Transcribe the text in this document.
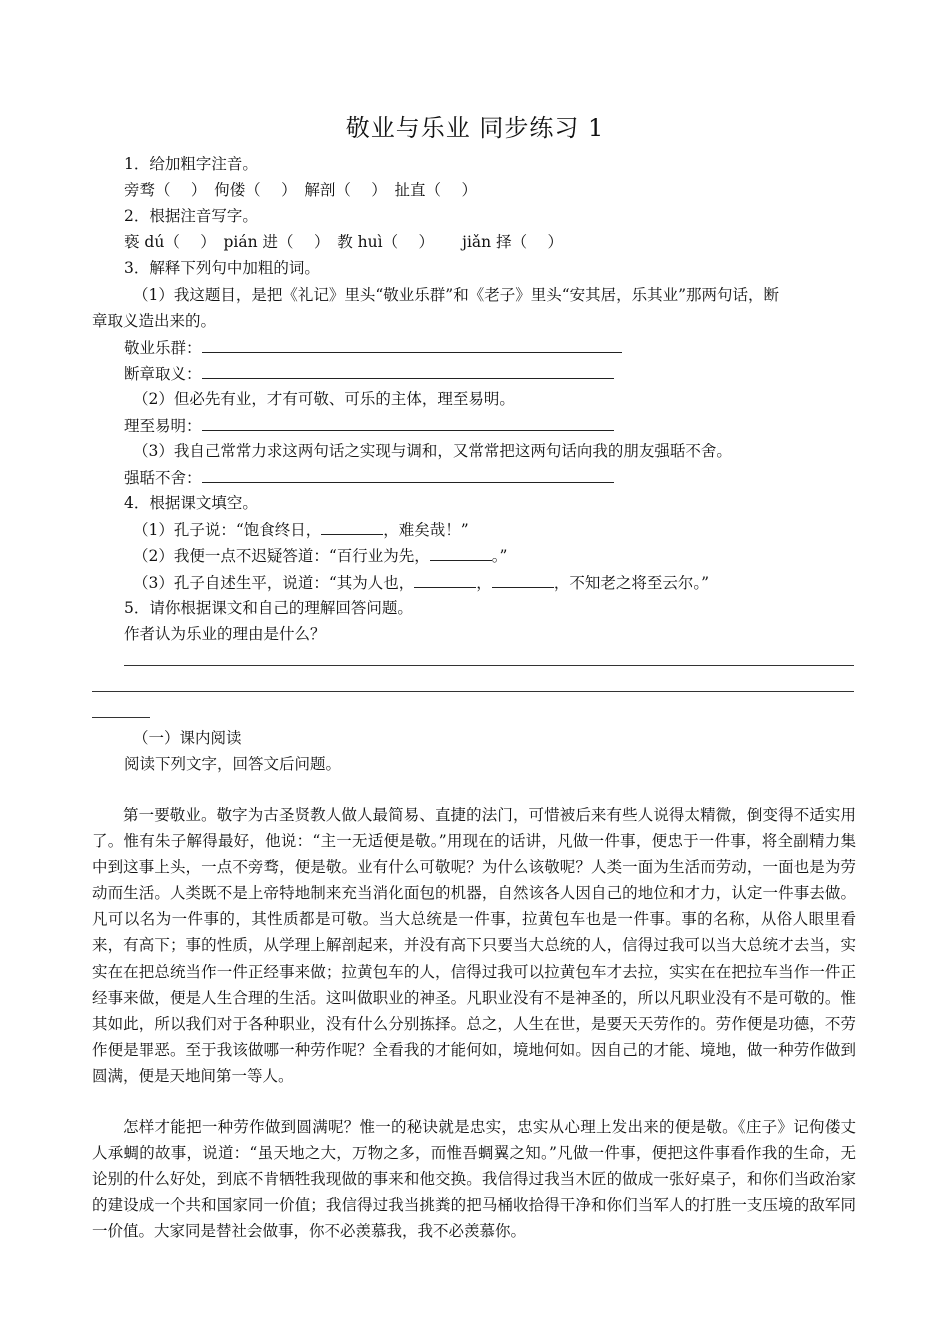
敬业与乐业 同步练习 1
1．给加粗字注音。
旁骛（　 ）　佝偻（　 ）　解剖（　 ）　扯直（　 ）
2．根据注音写字。
亵 dú（　 ）　pián 进（　 ）　教 huì（　 ）　　 jiǎn 择（　 ）
3．解释下列句中加粗的词。
（1）我这题目，是把《礼记》里头“敬业乐群”和《老子》里头“安其居，乐其业”那两句话，断
章取义造出来的。
敬业乐群：
断章取义：
（2）但必先有业，才有可敬、可乐的主体，理至易明。
理至易明：
（3）我自己常常力求这两句话之实现与调和，又常常把这两句话向我的朋友强聒不舍。
强聒不舍：
4．根据课文填空。
（1）孔子说：“饱食终日，	，难矣哉！”
（2）我便一点不迟疑答道：“百行业为先，	。”
（3）孔子自述生平，说道：“其为人也，	，	，不知老之将至云尔。”
5．请你根据课文和自己的理解回答问题。
作者认为乐业的理由是什么？
（一）课内阅读
阅读下列文字，回答文后问题。

第一要敬业。敬字为古圣贤教人做人最简易、直捷的法门，可惜被后来有些人说得太精微，倒变得不适实用了。惟有朱子解得最好，他说：“主一无适便是敬。”用现在的话讲，凡做一件事，便忠于一件事，将全副精力集中到这事上头，一点不旁骛，便是敬。业有什么可敬呢？为什么该敬呢？人类一面为生活而劳动，一面也是为劳动而生活。人类既不是上帝特地制来充当消化面包的机器，自然该各人因自己的地位和才力，认定一件事去做。凡可以名为一件事的，其性质都是可敬。当大总统是一件事，拉黄包车也是一件事。事的名称，从俗人眼里看来，有高下；事的性质，从学理上解剖起来，并没有高下只要当大总统的人，信得过我可以当大总统才去当，实实在在把总统当作一件正经事来做；拉黄包车的人，信得过我可以拉黄包车才去拉，实实在在把拉车当作一件正经事来做，便是人生合理的生活。这叫做职业的神圣。凡职业没有不是神圣的，所以凡职业没有不是可敬的。惟其如此，所以我们对于各种职业，没有什么分别拣择。总之，人生在世，是要天天劳作的。劳作便是功德，不劳作便是罪恶。至于我该做哪一种劳作呢？全看我的才能何如，境地何如。因自己的才能、境地，做一种劳作做到圆满，便是天地间第一等人。

怎样才能把一种劳作做到圆满呢？惟一的秘诀就是忠实，忠实从心理上发出来的便是敬。《庄子》记佝偻丈人承蜩的故事，说道：“虽天地之大，万物之多，而惟吾蜩翼之知。”凡做一件事，便把这件事看作我的生命，无论别的什么好处，到底不肯牺牲我现做的事来和他交换。我信得过我当木匠的做成一张好桌子，和你们当政治家的建设成一个共和国家同一价值；我信得过我当挑粪的把马桶收拾得干净和你们当军人的打胜一支压境的敌军同一价值。大家同是替社会做事，你不必羡慕我，我不必羡慕你。
